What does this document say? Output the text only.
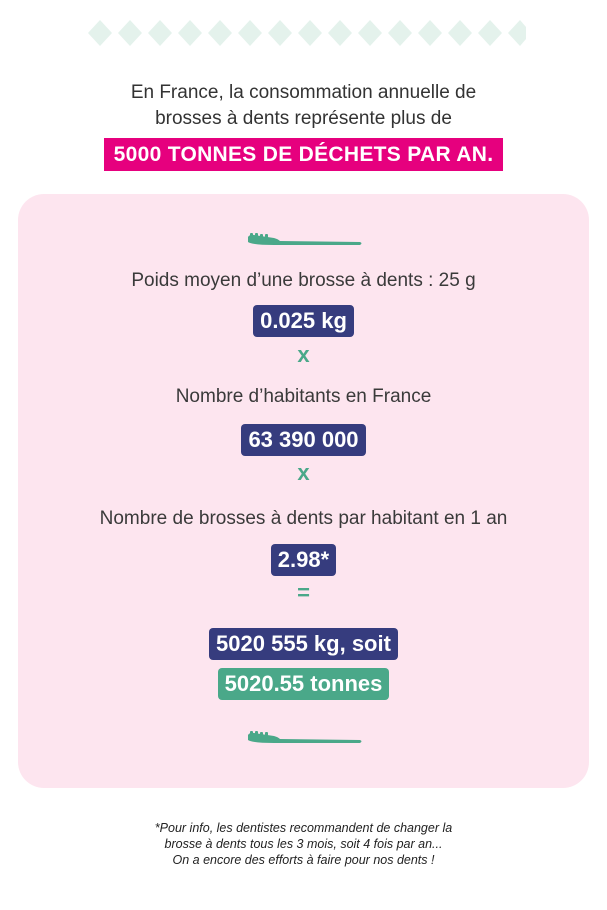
En France, la consommation annuelle de
brosses à dents représente plus de
5000 TONNES DE DÉCHETS PAR AN.
Poids moyen d’une brosse à dents : 25 g
0.025 kg
x
Nombre d’habitants en France
63 390 000
x
Nombre de brosses à dents par habitant en 1 an
2.98*
=
5020 555 kg, soit
5020.55 tonnes
*Pour info, les dentistes recommandent de changer la
brosse à dents tous les 3 mois, soit 4 fois par an...
On a encore des efforts à faire pour nos dents !
